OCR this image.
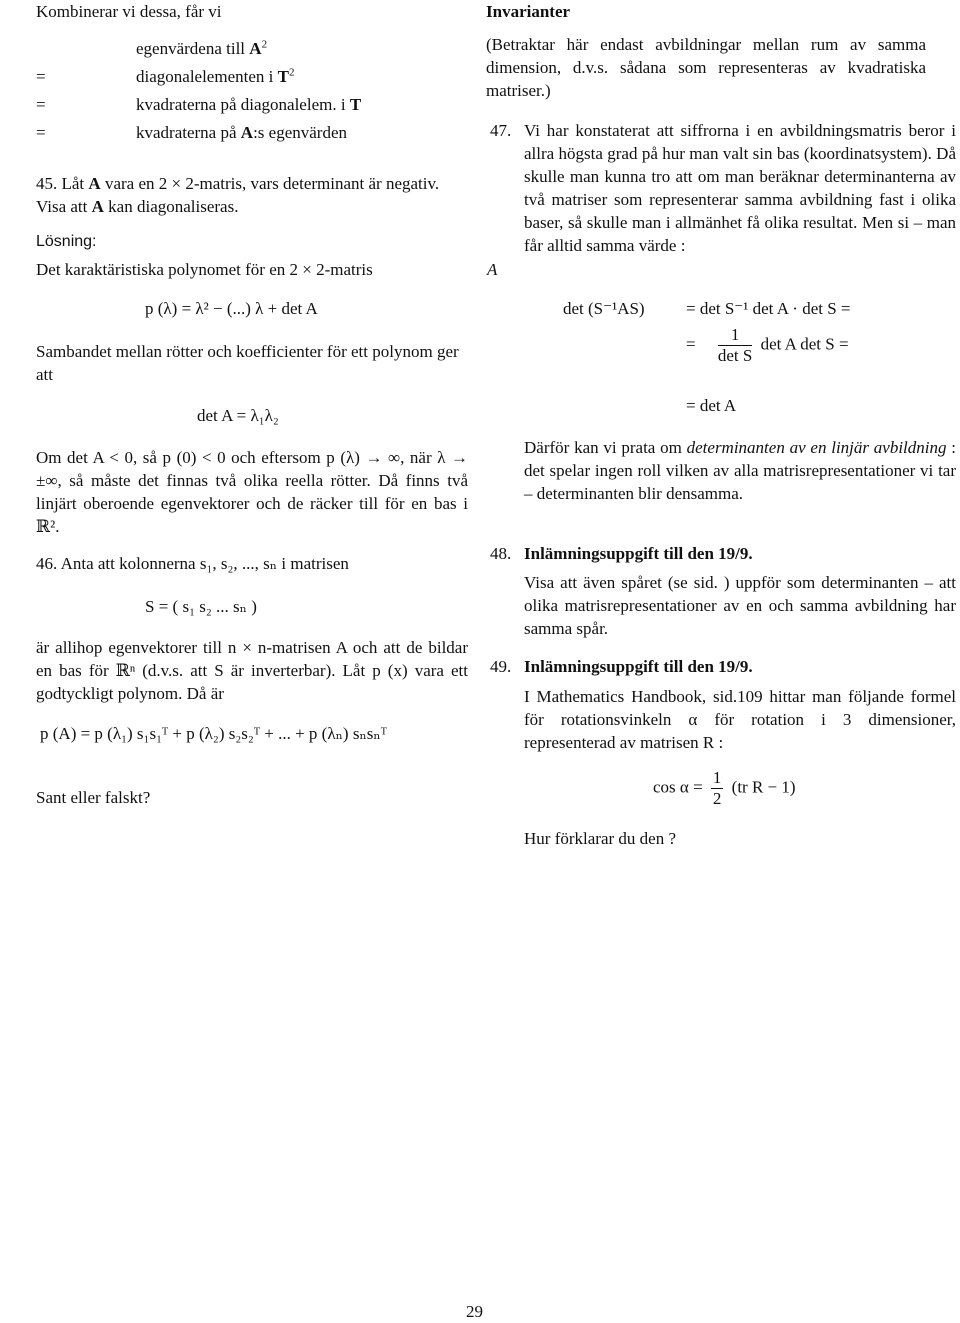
Kombinerar vi dessa, får vi
egenvärdena till $A^2$
=	diagonalelementen i $T^2$
=	kvadraterna på diagonalelem. i T
=	kvadraterna på A:s egenvärden
45. Låt A vara en 2 × 2-matris, vars determinant är negativ. Visa att A kan diagonaliseras.
Lösning:
Det karaktäristiska polynomet för en 2 × 2-matris	A
p (λ) = λ² − (...) λ + det A
Sambandet mellan rötter och koefficienter för ett polynom ger att
det A = λ₁λ₂
Om det A < 0, så p (0) < 0 och eftersom p (λ) → ∞, när λ → ±∞, så måste det finnas två olika reella rötter. Då finns två linjärt oberoende egenvektorer och de räcker till för en bas i ℝ².
46. Anta att kolonnerna s₁, s₂, ..., sₙ i matrisen
S = ( s₁ s₂ ... sₙ )
är allihop egenvektorer till n × n-matrisen A och att de bildar en bas för ℝⁿ (d.v.s. att S är inverterbar). Låt p (x) vara ett godtyckligt polynom. Då är
p (A) = p (λ₁) s₁s₁ᵀ + p (λ₂) s₂s₂ᵀ + ... + p (λₙ) sₙsₙᵀ
Sant eller falskt?
Invarianter
(Betraktar här endast avbildningar mellan rum av samma dimension, d.v.s. sådana som representeras av kvadratiska matriser.)
47. Vi har konstaterat att siffrorna i en avbildningsmatris beror i allra högsta grad på hur man valt sin bas (koordinatsystem). Då skulle man kunna tro att om man beräknar determinanterna av två matriser som representerar samma avbildning fast i olika baser, så skulle man i allmänhet få olika resultat. Men si – man får alltid samma värde :
det (S⁻¹AS) = det S⁻¹ det A · det S =
= $\frac{1}{\text{det S}}$ det A det S =
= det A
Därför kan vi prata om determinanten av en linjär avbildning : det spelar ingen roll vilken av alla matrisrepresentationer vi tar – determinanten blir densamma.
48. Inlämningsuppgift till den 19/9.
Visa att även spåret (se sid. ) uppför som determinanten – att olika matrisrepresentationer av en och samma avbildning har samma spår.
49. Inlämningsuppgift till den 19/9.
I Mathematics Handbook, sid.109 hittar man följande formel för rotationsvinkeln α för rotation i 3 dimensioner, representerad av matrisen R :
$\cos \alpha = \frac{1}{2} (tr$ R − 1)
Hur förklarar du den ?
29
